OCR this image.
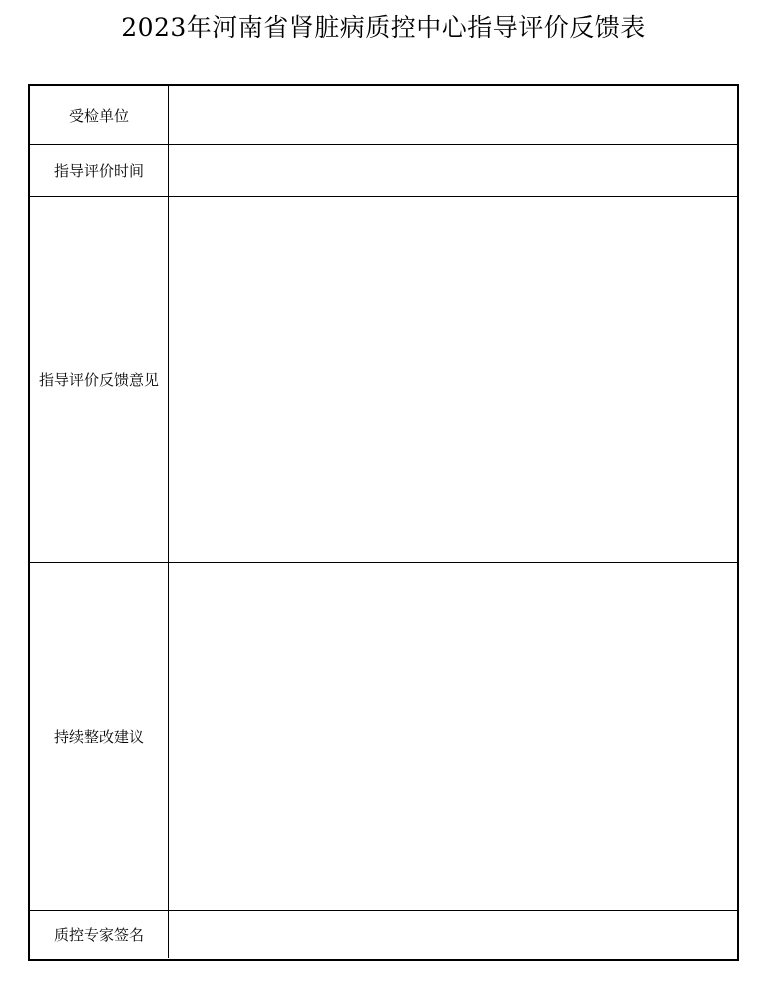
2023年河南省肾脏病质控中心指导评价反馈表
受检单位
指导评价时间
指导评价反馈意见
持续整改建议
质控专家签名
